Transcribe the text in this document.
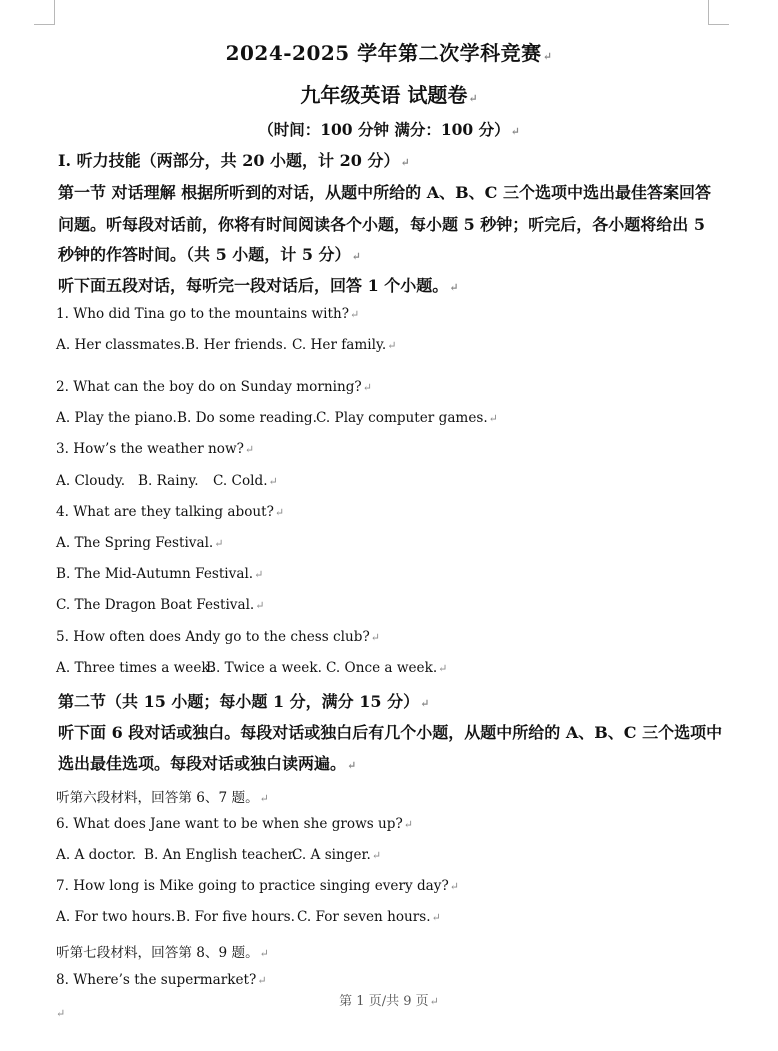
2024-2025 学年第二次学科竞赛↵
九年级英语 试题卷↵
（时间：100 分钟 满分：100 分）↵
Ⅰ. 听力技能（两部分，共 20 小题，计 20 分）↵
第一节 对话理解 根据所听到的对话，从题中所给的 A、B、C 三个选项中选出最佳答案回答
问题。听每段对话前，你将有时间阅读各个小题，每小题 5 秒钟；听完后，各小题将给出 5
秒钟的作答时间。（共 5 小题，计 5 分）↵
听下面五段对话，每听完一段对话后，回答 1 个小题。↵
1. Who did Tina go to the mountains with?↵
A. Her classmates.B. Her friends. C. Her family.↵
2. What can the boy do on Sunday morning?↵
A. Play the piano.B. Do some reading.C. Play computer games.↵
3. How’s the weather now?↵
A. Cloudy. B. Rainy. C. Cold.↵
4. What are they talking about?↵
A. The Spring Festival.↵
B. The Mid-Autumn Festival.↵
C. The Dragon Boat Festival.↵
5. How often does Andy go to the chess club?↵
A. Three times a week.B. Twice a week. C. Once a week.↵
第二节（共 15 小题；每小题 1 分，满分 15 分）↵
听下面 6 段对话或独白。每段对话或独白后有几个小题，从题中所给的 A、B、C 三个选项中
选出最佳选项。每段对话或独白读两遍。↵
听第六段材料，回答第 6、7 题。↵
6. What does Jane want to be when she grows up?↵
A. A doctor. B. An English teacher.C. A singer.↵
7. How long is Mike going to practice singing every day?↵
A. For two hours.B. For five hours. C. For seven hours.↵
听第七段材料，回答第 8、9 题。↵
8. Where’s the supermarket?↵
第 1 页/共 9 页↵
↵
